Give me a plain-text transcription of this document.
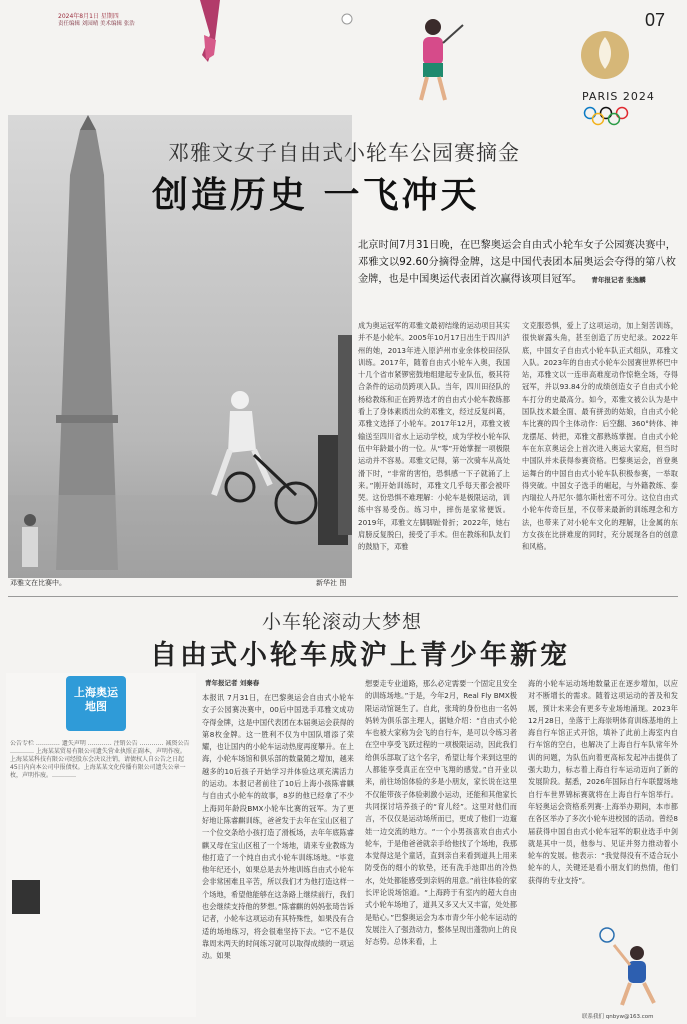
2024年8月1日 星期四
责任编辑 刘园晴 美术编辑 张浩	07
PARIS 2024
邓雅文女子自由式小轮车公园赛摘金
创造历史 一飞冲天
北京时间7月31日晚，在巴黎奥运会自由式小轮车女子公园赛决赛中，邓雅文以92.60分摘得金牌，这是中国代表团本届奥运会夺得的第八枚金牌，也是中国奥运代表团首次赢得该项目冠军。 青年报记者 张逸麟
成为奥运冠军的邓雅文最初结缘的运动项目其实并不是小轮车。2005年10月17日出生于四川泸州的她，2013年进入原泸州市业余体校田径队训练。2017年，随着自由式小轮车入奥，我国十几个省市紧锣密鼓地组建起专业队伍，极其符合条件的运动员跨项入队。当年，四川田径队的杨稔教练和正在跨界选才的自由式小轮车教练都看上了身体素质出众的邓雅文，经过反复纠葛，邓雅文选择了小轮车。2017年12月，邓雅文被输送至四川省水上运动学校，成为学校小轮车队伍中年龄最小的一位。从“零”开始掌握一项极限运动并不容易。邓雅文记得，第一次骑车从高处滑下时，“非常的害怕，恐惧感一下子就涌了上来。”刚开始训练时，邓雅文几乎每天都会被吓哭。这份恐惧不难理解：小轮车是极限运动，训练中容易受伤。练习中，摔伤是家常便饭。2019年，邓雅文左脚脚趾骨折；2022年，她右肩膀反复脱臼，接受了手术。但在教练和队友们的鼓励下，邓雅
文克服恐惧，爱上了这项运动，加上刻苦训练，很快崭露头角，甚至创造了历史纪录。2022年底，中国女子自由式小轮车队正式组队，邓雅文入队。2023年的自由式小轮车公园赛世界杯巴中站，邓雅文以一连串高难度动作惊艳全场，夺得冠军，并以93.84分的成绩创造女子自由式小轮车打分的史最高分。如今，邓雅文被公认为是中国队技术最全面、最有拼劲的姑娘，自由式小轮车比赛的四个主体动作：后空翻、360°转体、神龙摆尾、转把，邓雅文都熟练掌握。自由式小轮车在东京奥运会上首次进入奥运大家庭，但当时中国队并未获得参赛资格。巴黎奥运会，首登奥运舞台的中国自由式小轮车队积极参赛，一举取得突破。中国女子选手的崛起，与外籍教练、泰内瑞拉人丹尼尔·德尔斯杜密不可分。这位自由式小轮车传奇巨星，不仅带来最新的训练理念和方法，也带来了对小轮车文化的理解，让金属的东方女孩在比拼难度的同时，充分展现各自的创意和风格。
邓雅文在比赛中。	新华社 图
小车轮滚动大梦想
自由式小轮车成沪上青少年新宠
上海奥运地图
公告专栏 ………… 遗失声明 ………… 注销公告 ………… 减资公告 ………… 上海某某贸易有限公司遗失营业执照正副本，声明作废。上海某某科技有限公司经股东会决议注销，请债权人自公告之日起45日内向本公司申报债权。上海某某文化传播有限公司遗失公章一枚，声明作废。…………
青年报记者 刘秦春
本报讯 7月31日，在巴黎奥运会自由式小轮车女子公园赛决赛中，00后中国选手邓雅文成功夺得金牌，这是中国代表团在本届奥运会获得的第8枚金牌。这一胜利不仅为中国队增添了荣耀，也让国内的小轮车运动热度再度攀升。在上海，小轮车场馆和俱乐部的数量随之增加，越来越多的10后孩子开始学习并体验这项充满活力的运动。本报记者前往了10后上海小孩陈睿麒与自由式小轮车的故事，8岁的他已经拿了不少上海同年龄段BMX小轮车比赛的冠军。为了更好地让陈睿麒训练，爸爸发于去年在宝山区租了一个位交条给小孩打造了滑板场，去年年底陈睿麒又母在宝山区租了一个场地，请来专业教练为他打造了一个纯自由式小轮车训练场地。“毕竟他年纪还小，如果总是去外地训练自由式小轮车会非常困难且辛苦，所以我们才为他打造这样一个场地，希望他能够在这条路上继续前行，我们也会继续支持他的梦想。”陈睿麒的妈妈张琦告诉记者，小轮车这项运动有其特殊性，如果没有合适的场地练习，将会很难坚持下去。“它不是仅靠周末两天的时间练习就可以取得成绩的一项运动。如果
想要走专业道路，那么必定需要一个固定且安全的训练场地。”于是，今年2月，Real Fly BMX极限运动馆诞生了。自此，张琦的身份也由一名妈妈转为俱乐部主理人，据她介绍：“自由式小轮车也被大家称为会飞的自行车，是可以令练习者在空中享受飞跃过程的一项极限运动，因此我们给俱乐部取了这个名字，希望让每个来到这里的人都能享受真正在空中飞翔的感觉。”自开业以来，前往场馆体验的多是小朋友，家长说在这里不仅能带孩子体验刺激小运动，还能和其他家长共同探讨培养孩子的“育儿经”。这里对他们而言，不仅仅是运动场所而已，更成了他们一边遛娃一边交流的地方。“一个小男孩喜欢自由式小轮车，于是他爸爸就亲手给他找了个场地，我那本觉得这是个童话，直到亲自来看到道具上用来防受伤的细小的软垫，还有洗手池即出的冷热水，处处都能感受到亲妈的用意。”前往体验的家长评论说场馆道。“上海跨于有室内的超大自由式小轮车场地了，道具又多又大又丰富，处处都是贴心。”巴黎奥运会为本市青少年小轮车运动的发展注入了强劲动力，整体呈现出蓬勃向上的良好态势。总体来看，上
海的小轮车运动场地数量正在逐步增加，以应对不断增长的需求。随着这项运动的普及和发展，预计未来会有更多专业场地涌现。2023年12月28日，坐落于上海崇明体育训练基地的上海自行车馆正式开馆，填补了此前上海室内自行车馆的空白，也解决了上海自行车队常年外训的问题，为队伍向着更高标发起冲击提供了强大助力，标志着上海自行车运动迈向了新的发展阶段。据悉，2026年国际自行车联盟场地自行车世界锦标赛就将在上海自行车馆举行。年轻奥运会资格系列赛·上海举办期间，本市都在各区举办了多次小轮车进校园的活动。曾经8届获得中国自由式小轮车冠军的职业选手中剑就是其中一员，他参与、见证并努力推动着小轮车的发展。他表示：“我觉得没有不适合玩小轮车的人，关键还是看小朋友们的热情，他们获得的专业支持”。
联系我们 qnbyw@163.com
